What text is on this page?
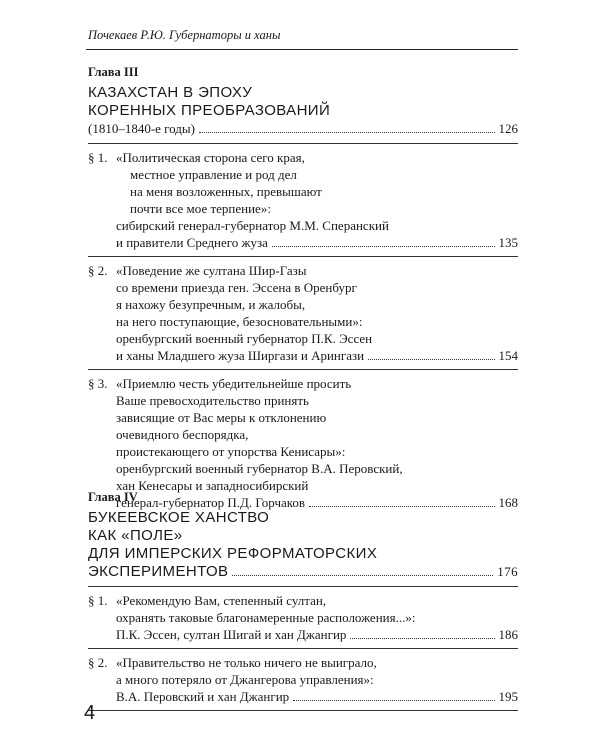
Почекаев Р.Ю. Губернаторы и ханы
Глава III
КАЗАХСТАН В ЭПОХУ
КОРЕННЫХ ПРЕОБРАЗОВАНИЙ
(1810–1840-е годы)	126
§ 1. «Политическая сторона сего края,
местное управление и род дел
на меня возложенных, превышают
почти все мое терпение»:
сибирский генерал-губернатор М.М. Сперанский
и правители Среднего жуза	135
§ 2. «Поведение же султана Шир-Газы
со времени приезда ген. Эссена в Оренбург
я нахожу безупречным, и жалобы,
на него поступающие, безосновательными»:
оренбургский военный губернатор П.К. Эссен
и ханы Младшего жуза Ширгази и Арингази	154
§ 3. «Приемлю честь убедительнейше просить
Ваше превосходительство принять
зависящие от Вас меры к отклонению
очевидного беспорядка,
проистекающего от упорства Кенисары»:
оренбургский военный губернатор В.А. Перовский,
хан Кенесары и западносибирский
генерал-губернатор П.Д. Горчаков	168
Глава IV
БУКЕЕВСКОЕ ХАНСТВО
КАК «ПОЛЕ»
ДЛЯ ИМПЕРСКИХ РЕФОРМАТОРСКИХ
ЭКСПЕРИМЕНТОВ	176
§ 1. «Рекомендую Вам, степенный султан,
охранять таковые благонамеренные расположения...»:
П.К. Эссен, султан Шигай и хан Джангир	186
§ 2. «Правительство не только ничего не выиграло,
а много потеряло от Джангерова управления»:
В.А. Перовский и хан Джангир	195
4
